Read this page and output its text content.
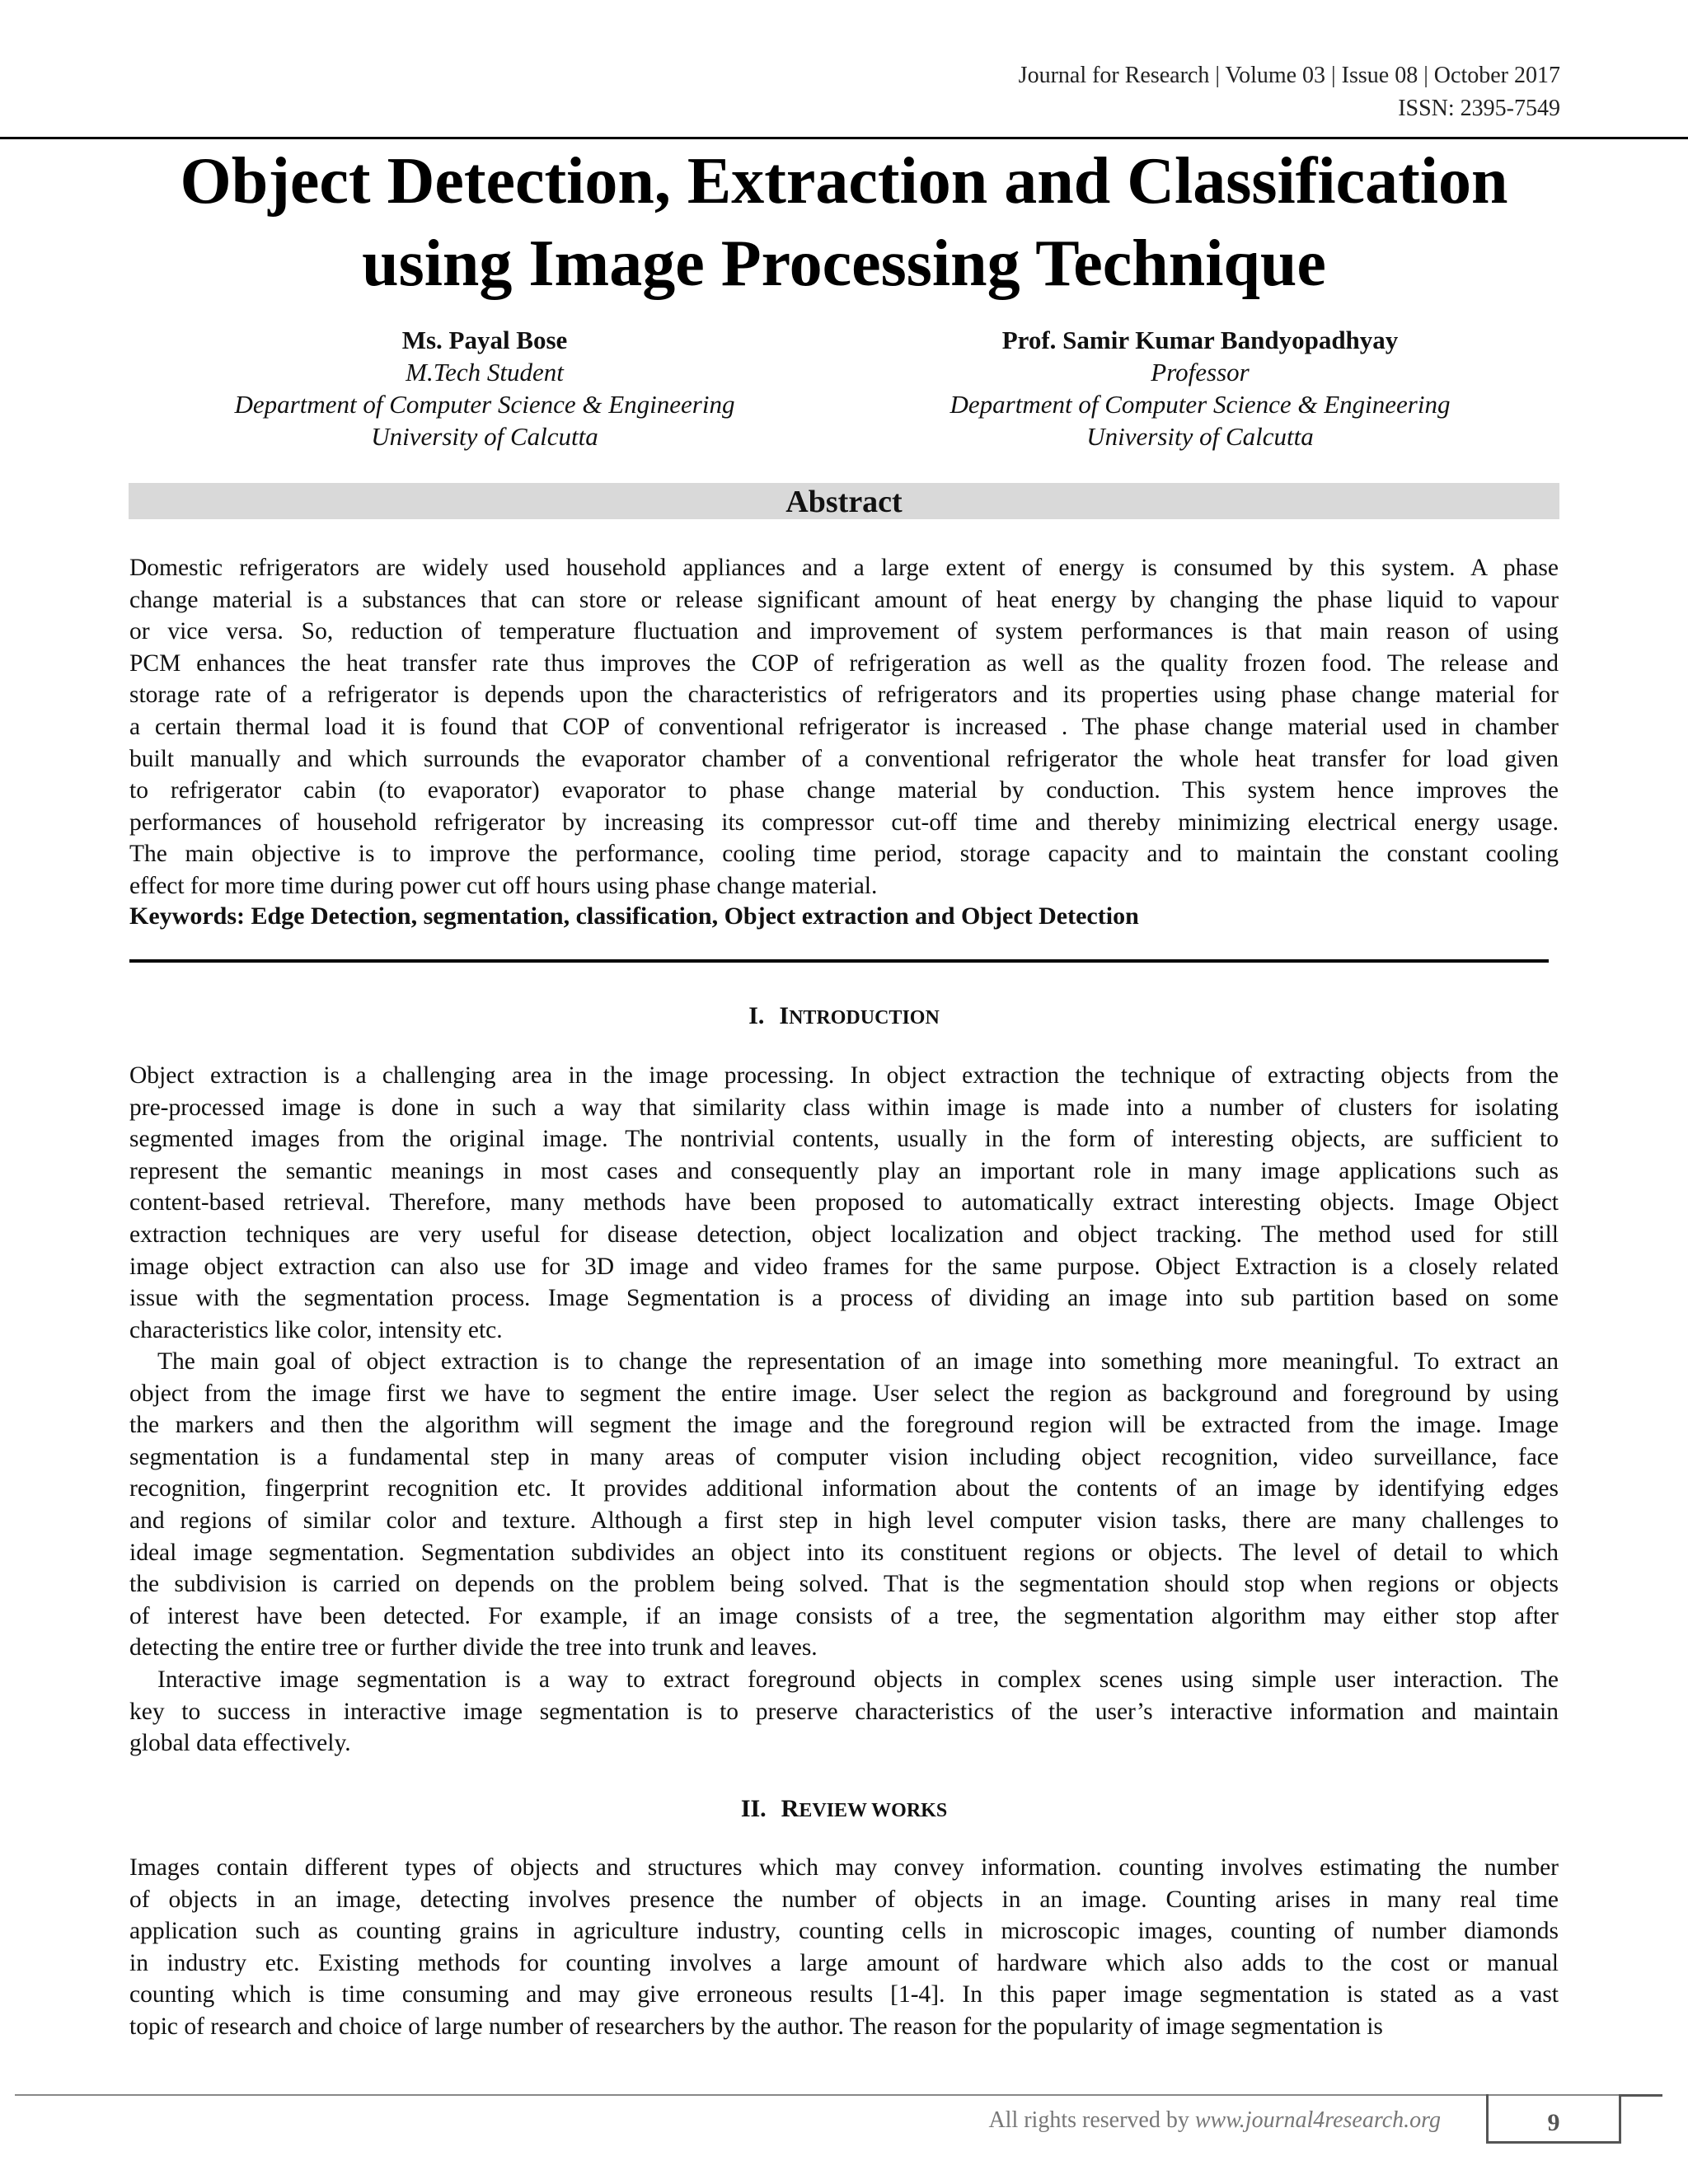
Journal for Research | Volume 03 | Issue 08 | October 2017
ISSN: 2395-7549
Object Detection, Extraction and Classification
using Image Processing Technique
Ms. Payal Bose
M.Tech Student
Department of Computer Science & Engineering
University of Calcutta
Prof. Samir Kumar Bandyopadhyay
Professor
Department of Computer Science & Engineering
University of Calcutta
Abstract
Domestic refrigerators are widely used household appliances and a large extent of energy is consumed by this system. A phase
change material is a substances that can store or release significant amount of heat energy by changing the phase liquid to vapour
or vice versa. So, reduction of temperature fluctuation and improvement of system performances is that main reason of using
PCM enhances the heat transfer rate thus improves the COP of refrigeration as well as the quality frozen food. The release and
storage rate of a refrigerator is depends upon the characteristics of refrigerators and its properties using phase change material for
a certain thermal load it is found that COP of conventional refrigerator is increased . The phase change material used in chamber
built manually and which surrounds the evaporator chamber of a conventional refrigerator the whole heat transfer for load given
to refrigerator cabin (to evaporator) evaporator to phase change material by conduction. This system hence improves the
performances of household refrigerator by increasing its compressor cut-off time and thereby minimizing electrical energy usage.
The main objective is to improve the performance, cooling time period, storage capacity and to maintain the constant cooling
effect for more time during power cut off hours using phase change material.
Keywords: Edge Detection, segmentation, classification, Object extraction and Object Detection
I. INTRODUCTION
Object extraction is a challenging area in the image processing. In object extraction the technique of extracting objects from the
pre-processed image is done in such a way that similarity class within image is made into a number of clusters for isolating
segmented images from the original image. The nontrivial contents, usually in the form of interesting objects, are sufficient to
represent the semantic meanings in most cases and consequently play an important role in many image applications such as
content-based retrieval. Therefore, many methods have been proposed to automatically extract interesting objects. Image Object
extraction techniques are very useful for disease detection, object localization and object tracking. The method used for still
image object extraction can also use for 3D image and video frames for the same purpose. Object Extraction is a closely related
issue with the segmentation process. Image Segmentation is a process of dividing an image into sub partition based on some
characteristics like color, intensity etc.
The main goal of object extraction is to change the representation of an image into something more meaningful. To extract an
object from the image first we have to segment the entire image. User select the region as background and foreground by using
the markers and then the algorithm will segment the image and the foreground region will be extracted from the image. Image
segmentation is a fundamental step in many areas of computer vision including object recognition, video surveillance, face
recognition, fingerprint recognition etc. It provides additional information about the contents of an image by identifying edges
and regions of similar color and texture. Although a first step in high level computer vision tasks, there are many challenges to
ideal image segmentation. Segmentation subdivides an object into its constituent regions or objects. The level of detail to which
the subdivision is carried on depends on the problem being solved. That is the segmentation should stop when regions or objects
of interest have been detected. For example, if an image consists of a tree, the segmentation algorithm may either stop after
detecting the entire tree or further divide the tree into trunk and leaves.
Interactive image segmentation is a way to extract foreground objects in complex scenes using simple user interaction. The
key to success in interactive image segmentation is to preserve characteristics of the user’s interactive information and maintain
global data effectively.
II. REVIEW WORKS
Images contain different types of objects and structures which may convey information. counting involves estimating the number
of objects in an image, detecting involves presence the number of objects in an image. Counting arises in many real time
application such as counting grains in agriculture industry, counting cells in microscopic images, counting of number diamonds
in industry etc. Existing methods for counting involves a large amount of hardware which also adds to the cost or manual
counting which is time consuming and may give erroneous results [1-4]. In this paper image segmentation is stated as a vast
topic of research and choice of large number of researchers by the author. The reason for the popularity of image segmentation is
All rights reserved by www.journal4research.org	9
